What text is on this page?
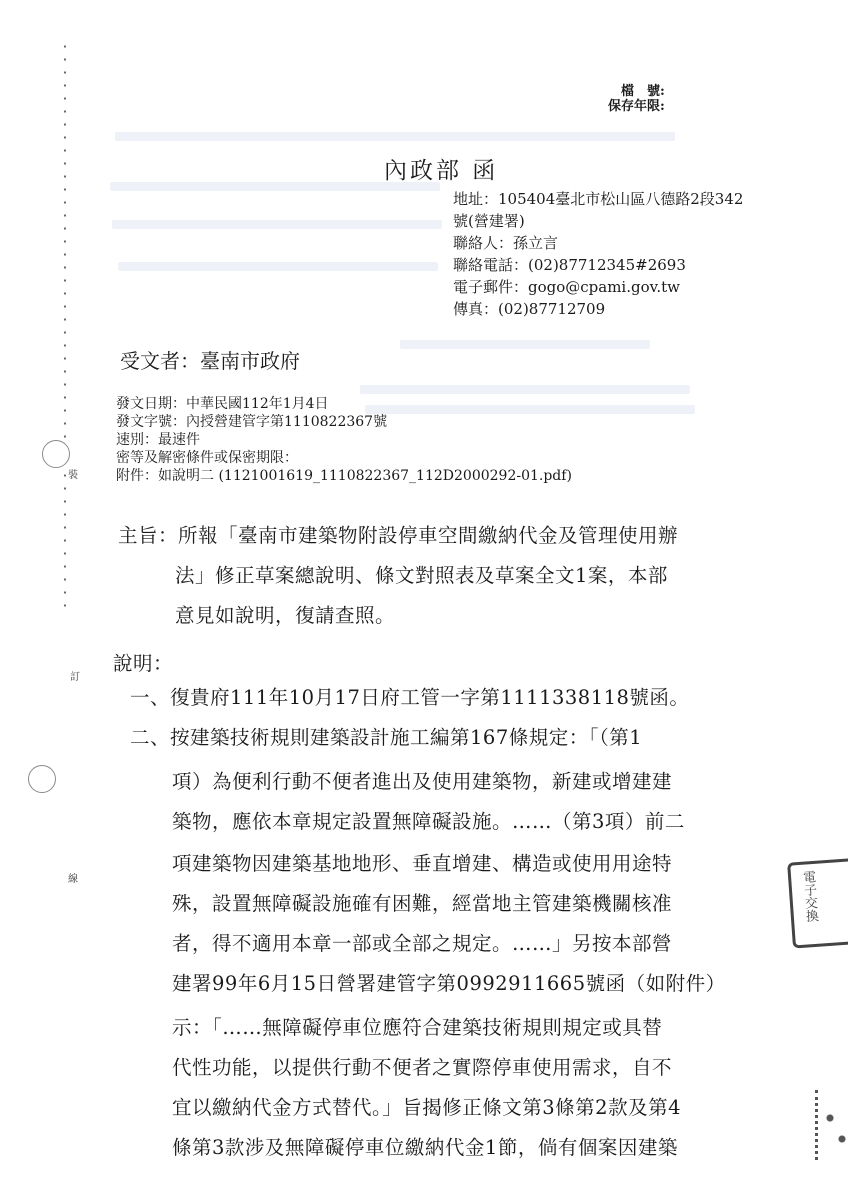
裝
訂
線
檔　號:
保存年限:
內政部 函
地址：105404臺北市松山區八德路2段342
號(營建署)
聯絡人：孫立言
聯絡電話：(02)87712345#2693
電子郵件：gogo@cpami.gov.tw
傳真：(02)87712709
受文者：臺南市政府
發文日期：中華民國112年1月4日
發文字號：內授營建管字第1110822367號
速別：最速件
密等及解密條件或保密期限：
附件：如說明二 (1121001619_1110822367_112D2000292-01.pdf)
主旨：所報「臺南市建築物附設停車空間繳納代金及管理使用辦
法」修正草案總說明、條文對照表及草案全文1案，本部
意見如說明，復請查照。
說明：
一、復貴府111年10月17日府工管一字第1111338118號函。
二、按建築技術規則建築設計施工編第167條規定：「（第1
項）為便利行動不便者進出及使用建築物，新建或增建建
築物，應依本章規定設置無障礙設施。……（第3項）前二
項建築物因建築基地地形、垂直增建、構造或使用用途特
殊，設置無障礙設施確有困難，經當地主管建築機關核准
者，得不適用本章一部或全部之規定。……」另按本部營
建署99年6月15日營署建管字第0992911665號函（如附件）
示：「……無障礙停車位應符合建築技術規則規定或具替
代性功能，以提供行動不便者之實際停車使用需求，自不
宜以繳納代金方式替代。」旨揭修正條文第3條第2款及第4
條第3款涉及無障礙停車位繳納代金1節，倘有個案因建築
電子交換
